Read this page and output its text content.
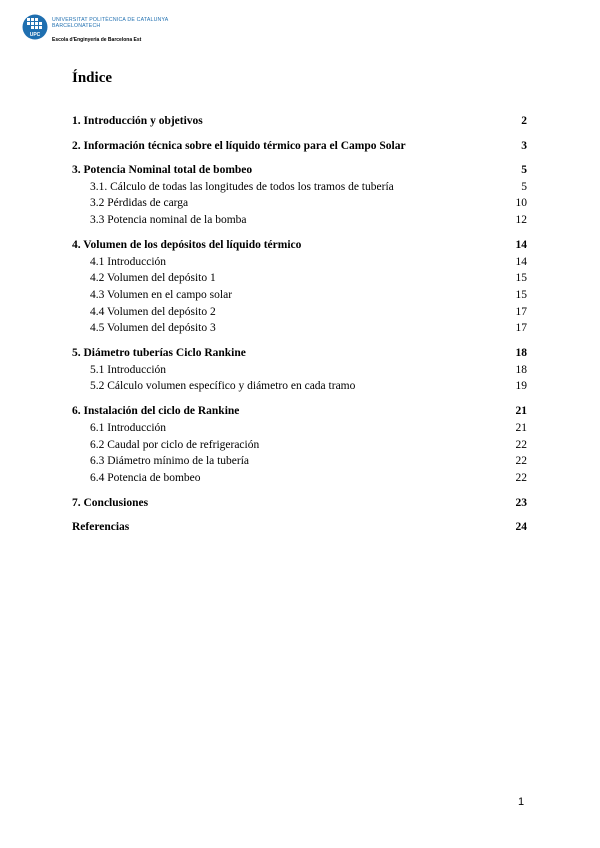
UPC
UNIVERSITAT POLITÈCNICA DE CATALUNYA
BARCELONATECH
Escola d'Enginyeria de Barcelona Est
Índice
1. Introducción y objetivos	2
2. Información técnica sobre el líquido térmico para el Campo Solar	3
3. Potencia Nominal total de bombeo	5
3.1. Cálculo de todas las longitudes de todos los tramos de tubería	5
3.2 Pérdidas de carga	10
3.3 Potencia nominal de la bomba	12
4. Volumen de los depósitos del líquido térmico	14
4.1 Introducción	14
4.2 Volumen del depósito 1	15
4.3 Volumen en el campo solar	15
4.4 Volumen del depósito 2	17
4.5 Volumen del depósito 3	17
5. Diámetro tuberías Ciclo Rankine	18
5.1 Introducción	18
5.2 Cálculo volumen específico y diámetro en cada tramo	19
6. Instalación del ciclo de Rankine	21
6.1 Introducción	21
6.2 Caudal por ciclo de refrigeración	22
6.3 Diámetro mínimo de la tubería	22
6.4 Potencia de bombeo	22
7. Conclusiones	23
Referencias	24
1
